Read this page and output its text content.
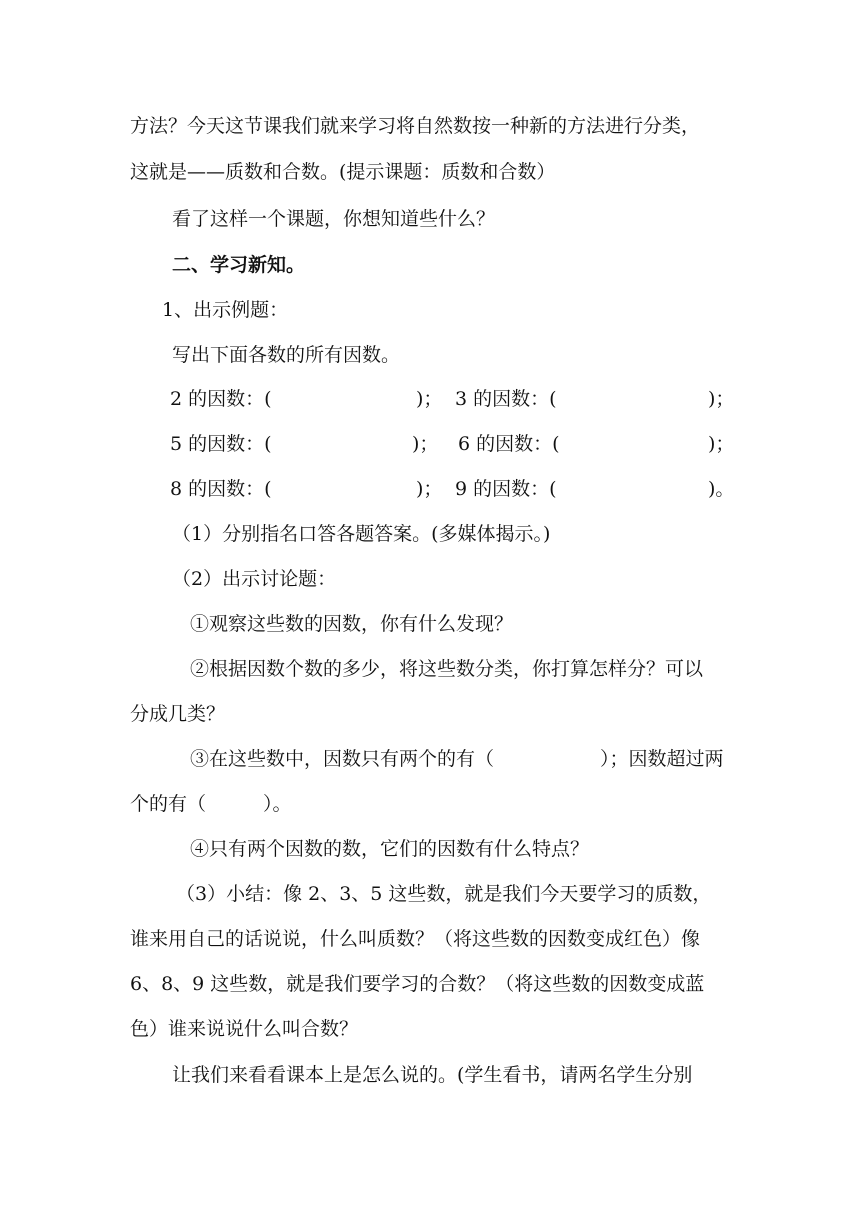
方法？今天这节课我们就来学习将自然数按一种新的方法进行分类，
这就是——质数和合数。(提示课题：质数和合数）
看了这样一个课题，你想知道些什么？
二、学习新知。
1、出示例题：
写出下面各数的所有因数。
2 的因数：(	)； 3 的因数：(	)；
5 的因数：(	)； 6 的因数：(	)；
8 的因数：(	)； 9 的因数：(	)。
（1）分别指名口答各题答案。(多媒体揭示。)
（2）出示讨论题：
①观察这些数的因数，你有什么发现？
②根据因数个数的多少，将这些数分类，你打算怎样分？可以
分成几类？
③在这些数中，因数只有两个的有（	）；因数超过两
个的有（　　　）。
④只有两个因数的数，它们的因数有什么特点？
（3）小结：像 2、3、5 这些数，就是我们今天要学习的质数，
谁来用自己的话说说，什么叫质数？（将这些数的因数变成红色）像
6、8、9 这些数，就是我们要学习的合数？（将这些数的因数变成蓝
色）谁来说说什么叫合数？
让我们来看看课本上是怎么说的。(学生看书，请两名学生分别
